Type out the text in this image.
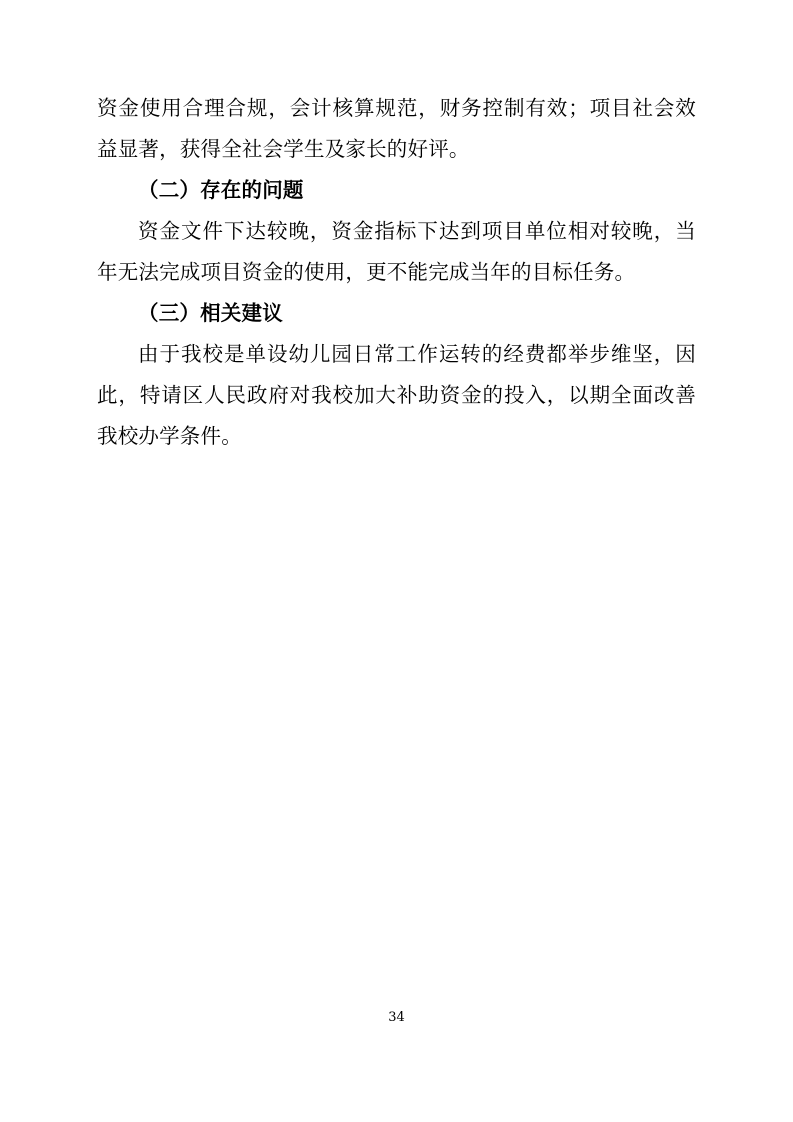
资金使用合理合规，会计核算规范，财务控制有效；项目社会效益显著，获得全社会学生及家长的好评。

（二）存在的问题

资金文件下达较晚，资金指标下达到项目单位相对较晚，当年无法完成项目资金的使用，更不能完成当年的目标任务。

（三）相关建议

由于我校是单设幼儿园日常工作运转的经费都举步维坚，因此，特请区人民政府对我校加大补助资金的投入，以期全面改善我校办学条件。

34
